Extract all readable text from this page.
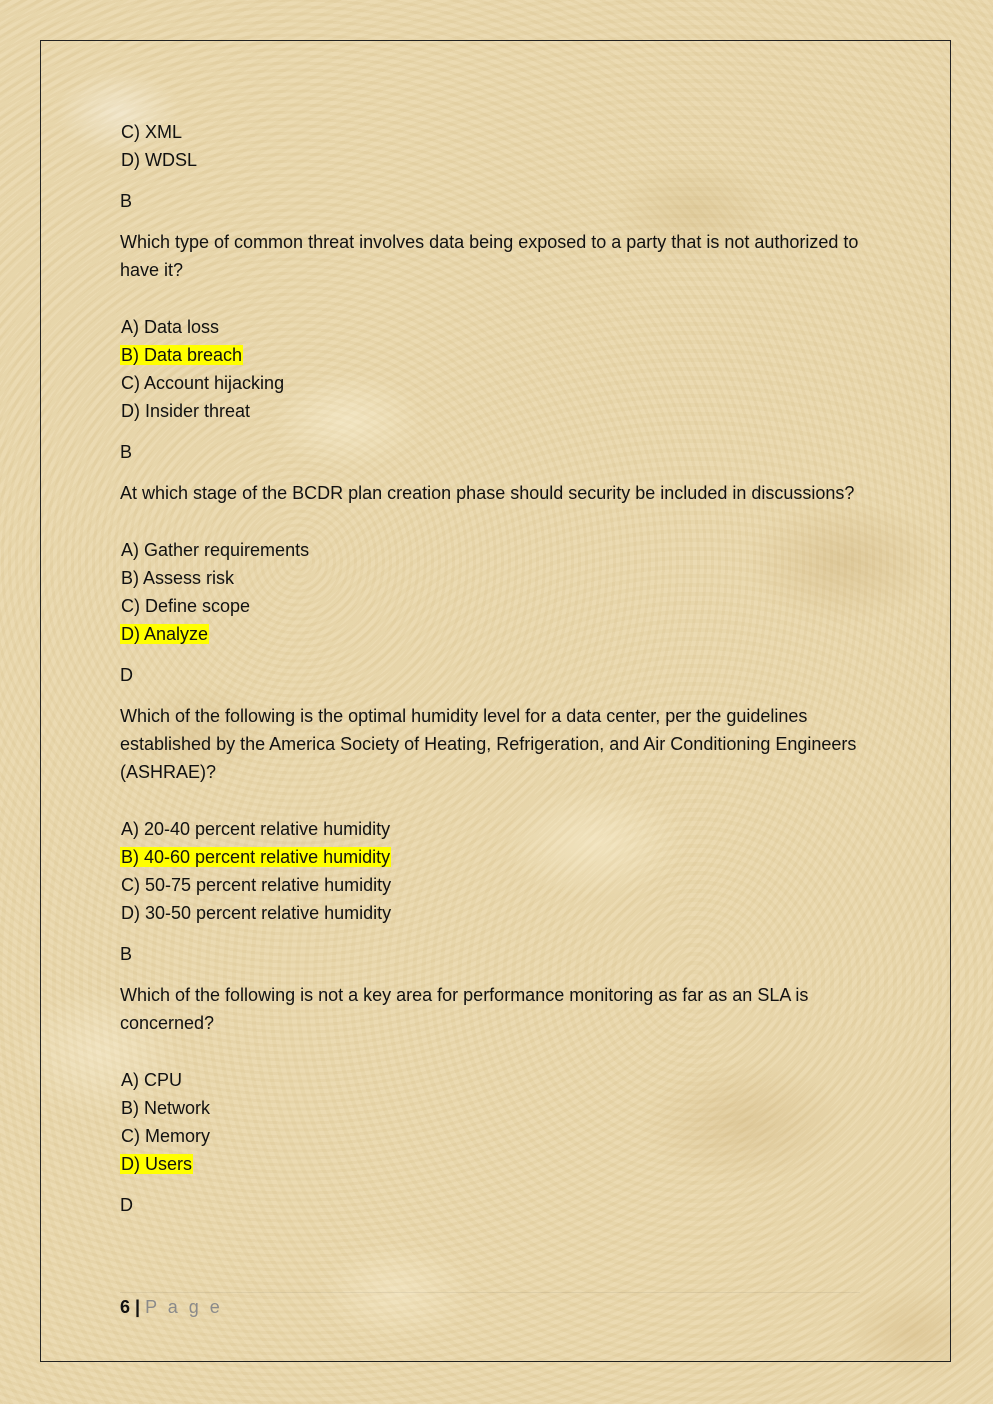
C) XML
D) WDSL
B
Which type of common threat involves data being exposed to a party that is not authorized to have it?
A) Data loss
B) Data breach
C) Account hijacking
D) Insider threat
B
At which stage of the BCDR plan creation phase should security be included in discussions?
A) Gather requirements
B) Assess risk
C) Define scope
D) Analyze
D
Which of the following is the optimal humidity level for a data center, per the guidelines established by the America Society of Heating, Refrigeration, and Air Conditioning Engineers (ASHRAE)?
A) 20-40 percent relative humidity
B) 40-60 percent relative humidity
C) 50-75 percent relative humidity
D) 30-50 percent relative humidity
B
Which of the following is not a key area for performance monitoring as far as an SLA is concerned?
A) CPU
B) Network
C) Memory
D) Users
D
6 | P a g e
